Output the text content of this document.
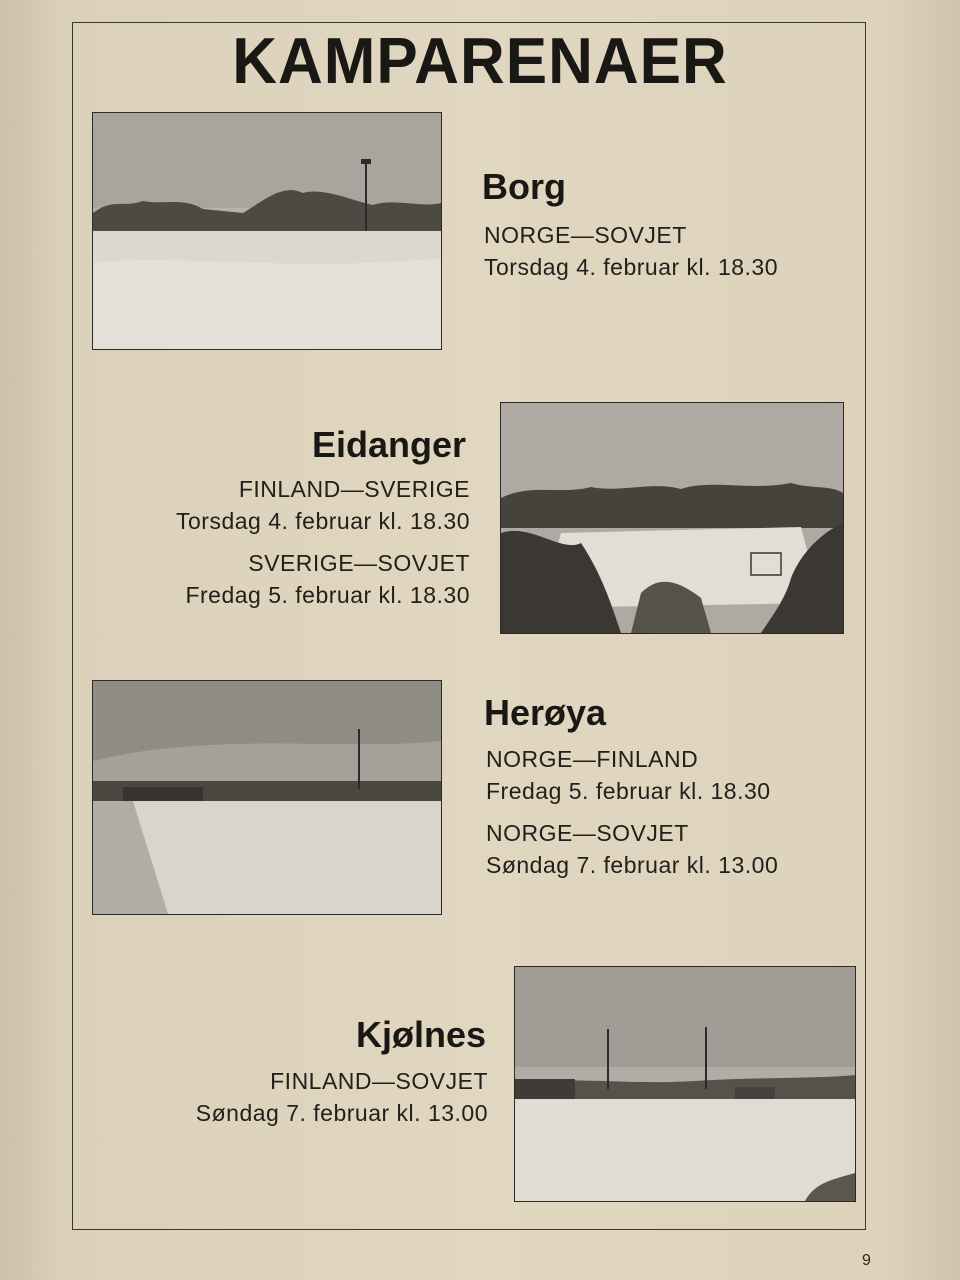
KAMPARENAER
Borg
NORGE—SOVJET
Torsdag 4. februar kl. 18.30
Eidanger
FINLAND—SVERIGE
Torsdag 4. februar kl. 18.30
SVERIGE—SOVJET
Fredag 5. februar kl. 18.30
Herøya
NORGE—FINLAND
Fredag 5. februar kl. 18.30
NORGE—SOVJET
Søndag 7. februar kl. 13.00
Kjølnes
FINLAND—SOVJET
Søndag 7. februar kl. 13.00
9
